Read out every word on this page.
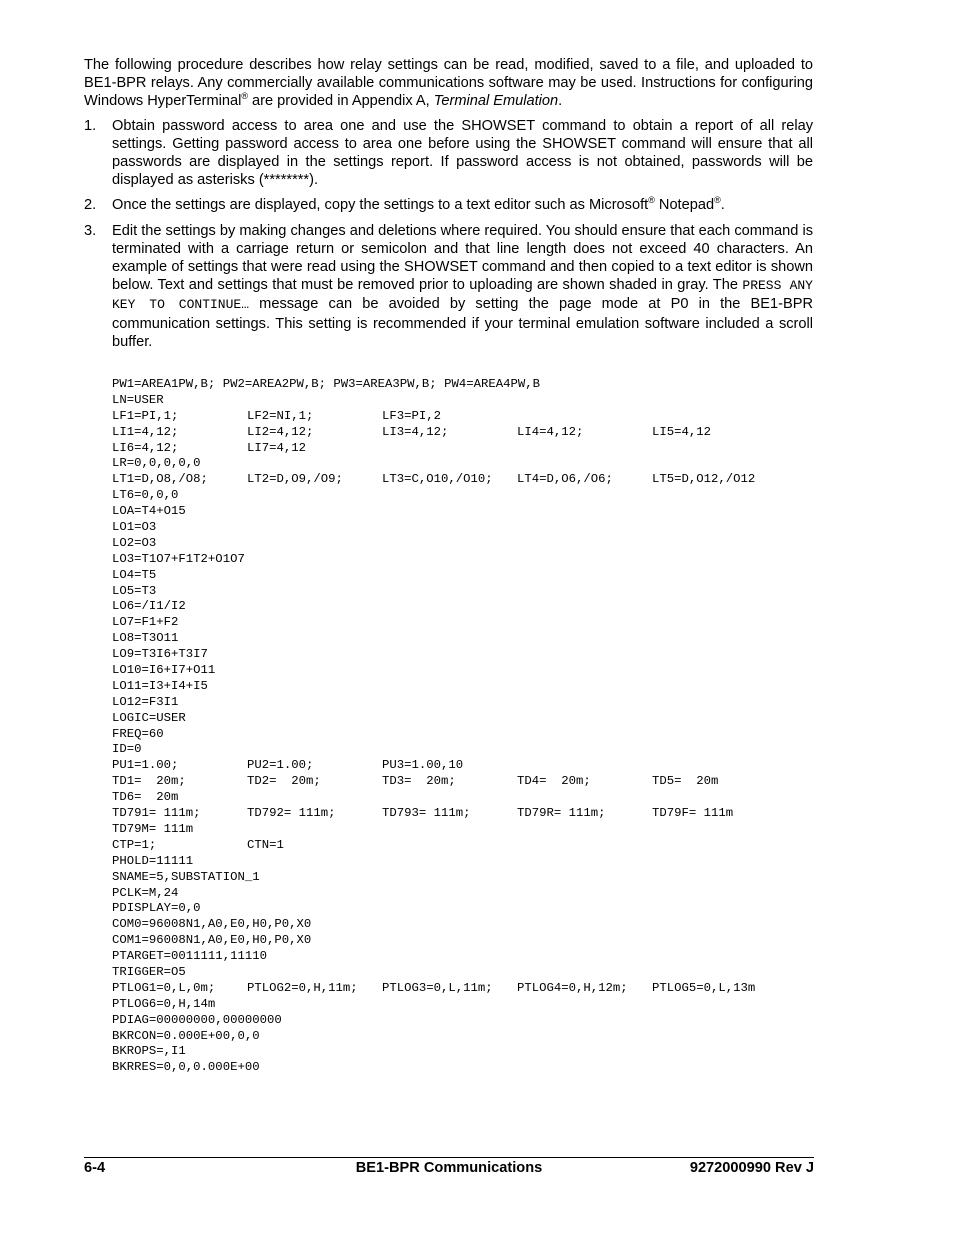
The following procedure describes how relay settings can be read, modified, saved to a file, and uploaded to BE1-BPR relays. Any commercially available communications software may be used. Instructions for configuring Windows HyperTerminal® are provided in Appendix A, Terminal Emulation.

1. Obtain password access to area one and use the SHOWSET command to obtain a report of all relay settings. Getting password access to area one before using the SHOWSET command will ensure that all passwords are displayed in the settings report. If password access is not obtained, passwords will be displayed as asterisks (********).
2. Once the settings are displayed, copy the settings to a text editor such as Microsoft® Notepad®.
3. Edit the settings by making changes and deletions where required. You should ensure that each command is terminated with a carriage return or semicolon and that line length does not exceed 40 characters. An example of settings that were read using the SHOWSET command and then copied to a text editor is shown below. Text and settings that must be removed prior to uploading are shown shaded in gray. The PRESS ANY KEY TO CONTINUE… message can be avoided by setting the page mode at P0 in the BE1-BPR communication settings. This setting is recommended if your terminal emulation software included a scroll buffer.
PW1=AREA1PW,B; PW2=AREA2PW,B; PW3=AREA3PW,B; PW4=AREA4PW,B
LN=USER
LF1=PI,1;	LF2=NI,1;	LF3=PI,2
LI1=4,12;	LI2=4,12;	LI3=4,12;	LI4=4,12;	LI5=4,12
LI6=4,12;	LI7=4,12
LR=0,0,0,0,0
LT1=D,O8,/O8;	LT2=D,O9,/O9;	LT3=C,O10,/O10; LT4=D,O6,/O6;	LT5=D,O12,/O12
LT6=0,0,0
LOA=T4+O15
LO1=O3
LO2=O3
LO3=T1O7+F1T2+O1O7
LO4=T5
LO5=T3
LO6=/I1/I2
LO7=F1+F2
LO8=T3O11
LO9=T3I6+T3I7
LO10=I6+I7+O11
LO11=I3+I4+I5
LO12=F3I1
LOGIC=USER
FREQ=60
ID=0
PU1=1.00;	PU2=1.00;	PU3=1.00,10
TD1=  20m;	TD2=  20m;	TD3=  20m;	TD4=  20m;	TD5=  20m
TD6=  20m
TD791= 111m;	TD792= 111m;	TD793= 111m;	TD79R= 111m;	TD79F= 111m
TD79M= 111m
CTP=1;	CTN=1
PHOLD=11111
SNAME=5,SUBSTATION_1
PCLK=M,24
PDISPLAY=0,0
COM0=96008N1,A0,E0,H0,P0,X0
COM1=96008N1,A0,E0,H0,P0,X0
PTARGET=0011111,11110
TRIGGER=O5
PTLOG1=0,L,0m;	PTLOG2=0,H,11m; PTLOG3=0,L,11m; PTLOG4=0,H,12m; PTLOG5=0,L,13m
PTLOG6=0,H,14m
PDIAG=00000000,00000000
BKRCON=0.000E+00,0,0
BKROPS=,I1
BKRRES=0,0,0.000E+00
6-4	BE1-BPR Communications	9272000990 Rev J
